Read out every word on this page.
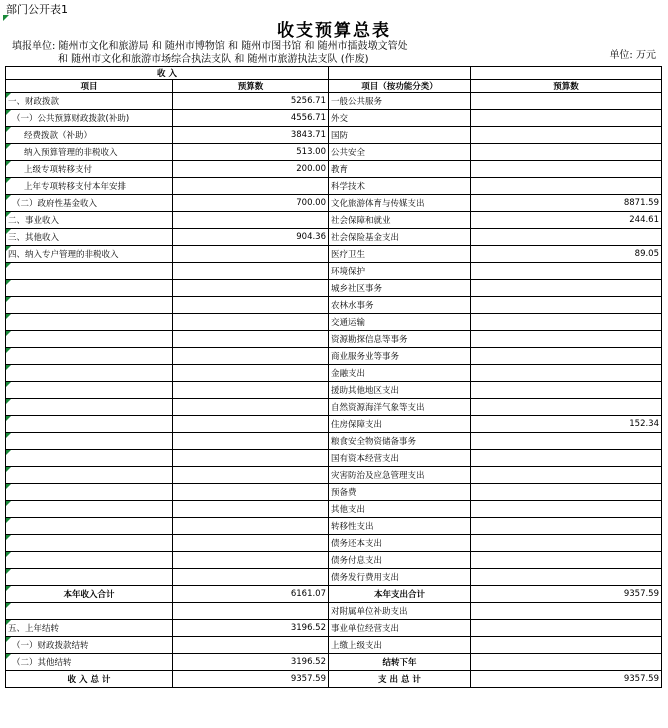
部门公开表1
收支预算总表
填报单位: 随州市文化和旅游局 和 随州市博物馆 和 随州市图书馆 和 随州市擂鼓墩文管处
和 随州市文化和旅游市场综合执法支队 和 随州市旅游执法支队 (作废)	单位: 万元
收 入			
项目	预算数	项目（按功能分类）	预算数
一、财政拨款	5256.71	一般公共服务	
（一）公共预算财政拨款(补助)	4556.71	外交	
经费拨款（补助）	3843.71	国防	
纳入预算管理的非税收入	513.00	公共安全	
上级专项转移支付	200.00	教育	
上年专项转移支付本年安排		科学技术	
（二）政府性基金收入	700.00	文化旅游体育与传媒支出	8871.59
二、事业收入		社会保障和就业	244.61
三、其他收入	904.36	社会保险基金支出	
四、纳入专户管理的非税收入		医疗卫生	89.05
		环境保护	
		城乡社区事务	
		农林水事务	
		交通运输	
		资源勘探信息等事务	
		商业服务业等事务	
		金融支出	
		援助其他地区支出	
		自然资源海洋气象等支出	
		住房保障支出	152.34
		粮食安全物资储备事务	
		国有资本经营支出	
		灾害防治及应急管理支出	
		预备费	
		其他支出	
		转移性支出	
		债务还本支出	
		债务付息支出	
		债务发行费用支出	
本年收入合计	6161.07	本年支出合计	9357.59
		对附属单位补助支出	
五、上年结转	3196.52	事业单位经营支出	
（一）财政拨款结转		上缴上级支出	
（二）其他结转	3196.52	结转下年	
收 入 总 计	9357.59	支 出 总 计	9357.59
